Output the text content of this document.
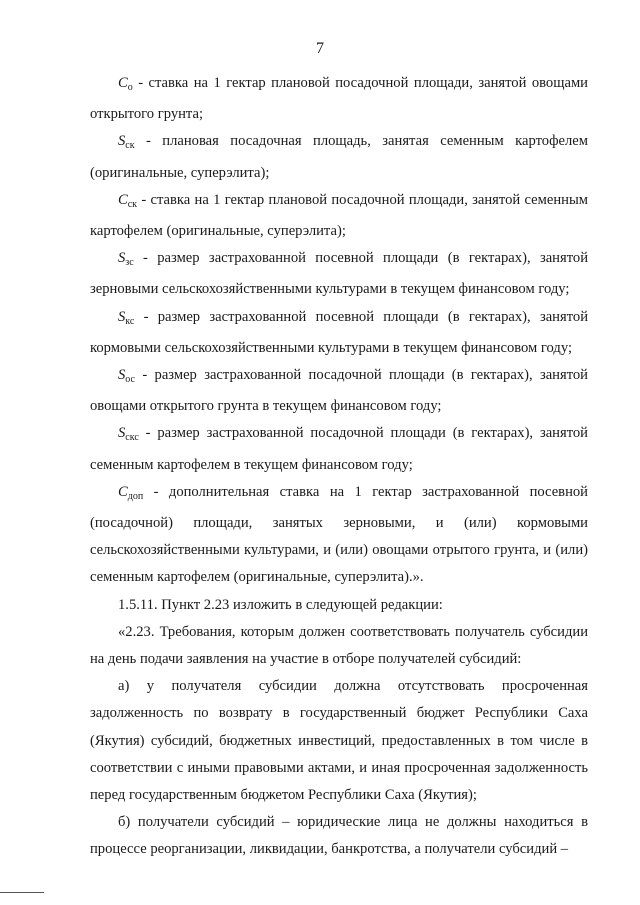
7

$C_о$ - ставка на 1 гектар плановой посадочной площади, занятой овощами открытого грунта;

$S_{ск}$ - плановая посадочная площадь, занятая семенным картофелем (оригинальные, суперэлита);

$C_{ск}$ - ставка на 1 гектар плановой посадочной площади, занятой семенным картофелем (оригинальные, суперэлита);

$S_{зс}$ - размер застрахованной посевной площади (в гектарах), занятой зерновыми сельскохозяйственными культурами в текущем финансовом году;

$S_{кс}$ - размер застрахованной посевной площади (в гектарах), занятой кормовыми сельскохозяйственными культурами в текущем финансовом году;

$S_{ос}$ - размер застрахованной посадочной площади (в гектарах), занятой овощами открытого грунта в текущем финансовом году;

$S_{скс}$ - размер застрахованной посадочной площади (в гектарах), занятой семенным картофелем в текущем финансовом году;

$C_{доп}$ - дополнительная ставка на 1 гектар застрахованной посевной (посадочной) площади, занятых зерновыми, и (или) кормовыми сельскохозяйственными культурами, и (или) овощами отрытого грунта, и (или) семенным картофелем (оригинальные, суперэлита).».

1.5.11. Пункт 2.23 изложить в следующей редакции:

«2.23. Требования, которым должен соответствовать получатель субсидии на день подачи заявления на участие в отборе получателей субсидий:

а) у получателя субсидии должна отсутствовать просроченная задолженность по возврату в государственный бюджет Республики Саха (Якутия) субсидий, бюджетных инвестиций, предоставленных в том числе в соответствии с иными правовыми актами, и иная просроченная задолженность перед государственным бюджетом Республики Саха (Якутия);

б) получатели субсидий – юридические лица не должны находиться в процессе реорганизации, ликвидации, банкротства, а получатели субсидий –
